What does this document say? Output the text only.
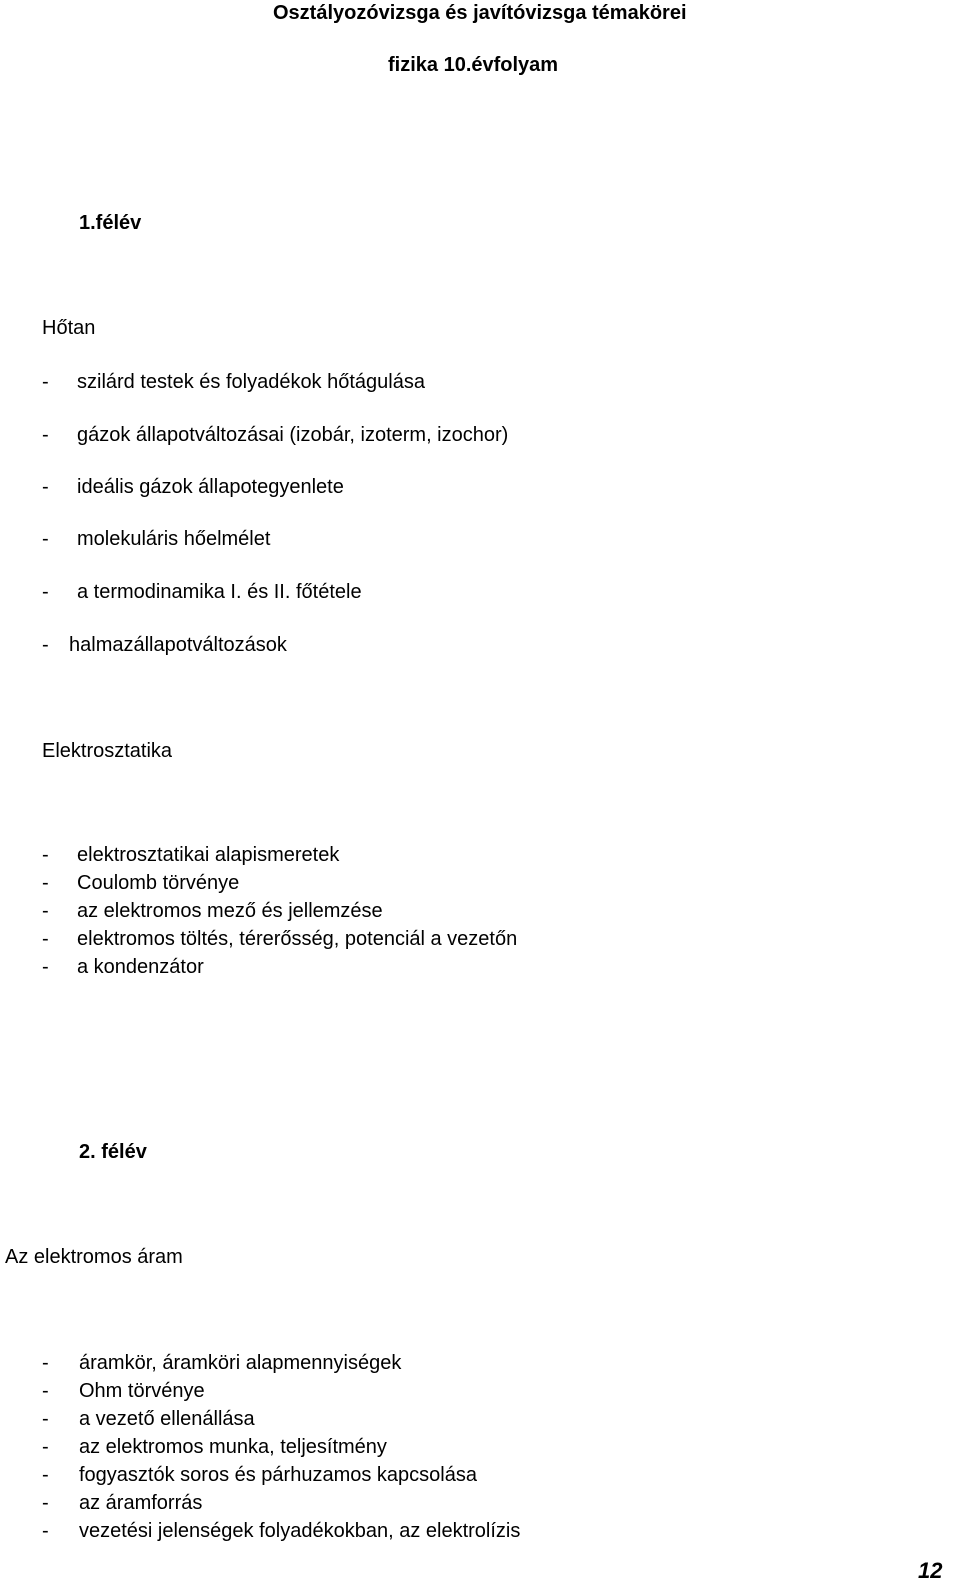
Osztályozóvizsga és javítóvizsga témakörei
fizika 10.évfolyam
1.félév
Hőtan
- szilárd testek és folyadékok hőtágulása
- gázok állapotváltozásai (izobár, izoterm, izochor)
- ideális gázok állapotegyenlete
- molekuláris hőelmélet
- a termodinamika I. és II. főtétele
- halmazállapotváltozások
Elektrosztatika
- elektrosztatikai alapismeretek
- Coulomb törvénye
- az elektromos mező és jellemzése
- elektromos töltés, térerősség, potenciál a vezetőn
- a kondenzátor
2. félév
Az elektromos áram
- áramkör, áramköri alapmennyiségek
- Ohm törvénye
- a vezető ellenállása
- az elektromos munka, teljesítmény
- fogyasztók soros és párhuzamos kapcsolása
- az áramforrás
- vezetési jelenségek folyadékokban, az elektrolízis
12
